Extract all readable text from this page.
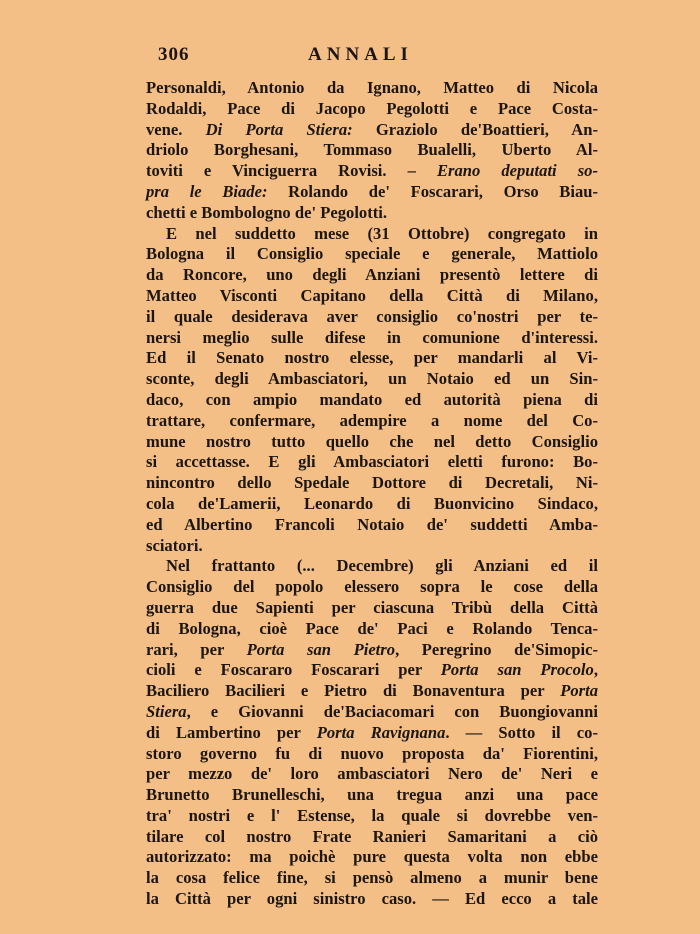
306	ANNALI
Personaldi, Antonio da Ignano, Matteo di Nicola
Rodaldi, Pace di Jacopo Pegolotti e Pace Costa-
vene. Di Porta Stiera: Graziolo de'Boattieri, An-
driolo Borghesani, Tommaso Bualelli, Uberto Al-
toviti e Vinciguerra Rovisi. – Erano deputati so-
pra le Biade: Rolando de' Foscarari, Orso Biau-
chetti e Bombologno de' Pegolotti.
E nel suddetto mese (31 Ottobre) congregato in
Bologna il Consiglio speciale e generale, Mattiolo
da Roncore, uno degli Anziani presentò lettere di
Matteo Visconti Capitano della Città di Milano,
il quale desiderava aver consiglio co'nostri per te-
nersi meglio sulle difese in comunione d'interessi.
Ed il Senato nostro elesse, per mandarli al Vi-
sconte, degli Ambasciatori, un Notaio ed un Sin-
daco, con ampio mandato ed autorità piena di
trattare, confermare, adempire a nome del Co-
mune nostro tutto quello che nel detto Consiglio
si accettasse. E gli Ambasciatori eletti furono: Bo-
nincontro dello Spedale Dottore di Decretali, Ni-
cola de'Lamerii, Leonardo di Buonvicino Sindaco,
ed Albertino Francoli Notaio de' suddetti Amba-
sciatori.
Nel frattanto (... Decembre) gli Anziani ed il
Consiglio del popolo elessero sopra le cose della
guerra due Sapienti per ciascuna Tribù della Città
di Bologna, cioè Pace de' Paci e Rolando Tenca-
rari, per Porta san Pietro, Peregrino de'Simopic-
cioli e Foscararo Foscarari per Porta san Procolo,
Baciliero Bacilieri e Pietro di Bonaventura per Porta
Stiera, e Giovanni de'Baciacomari con Buongiovanni
di Lambertino per Porta Ravignana. — Sotto il co-
storo governo fu di nuovo proposta da' Fiorentini,
per mezzo de' loro ambasciatori Nero de' Neri e
Brunetto Brunelleschi, una tregua anzi una pace
tra' nostri e l' Estense, la quale si dovrebbe ven-
tilare col nostro Frate Ranieri Samaritani a ciò
autorizzato: ma poichè pure questa volta non ebbe
la cosa felice fine, si pensò almeno a munir bene
la Città per ogni sinistro caso. — Ed ecco a tale
